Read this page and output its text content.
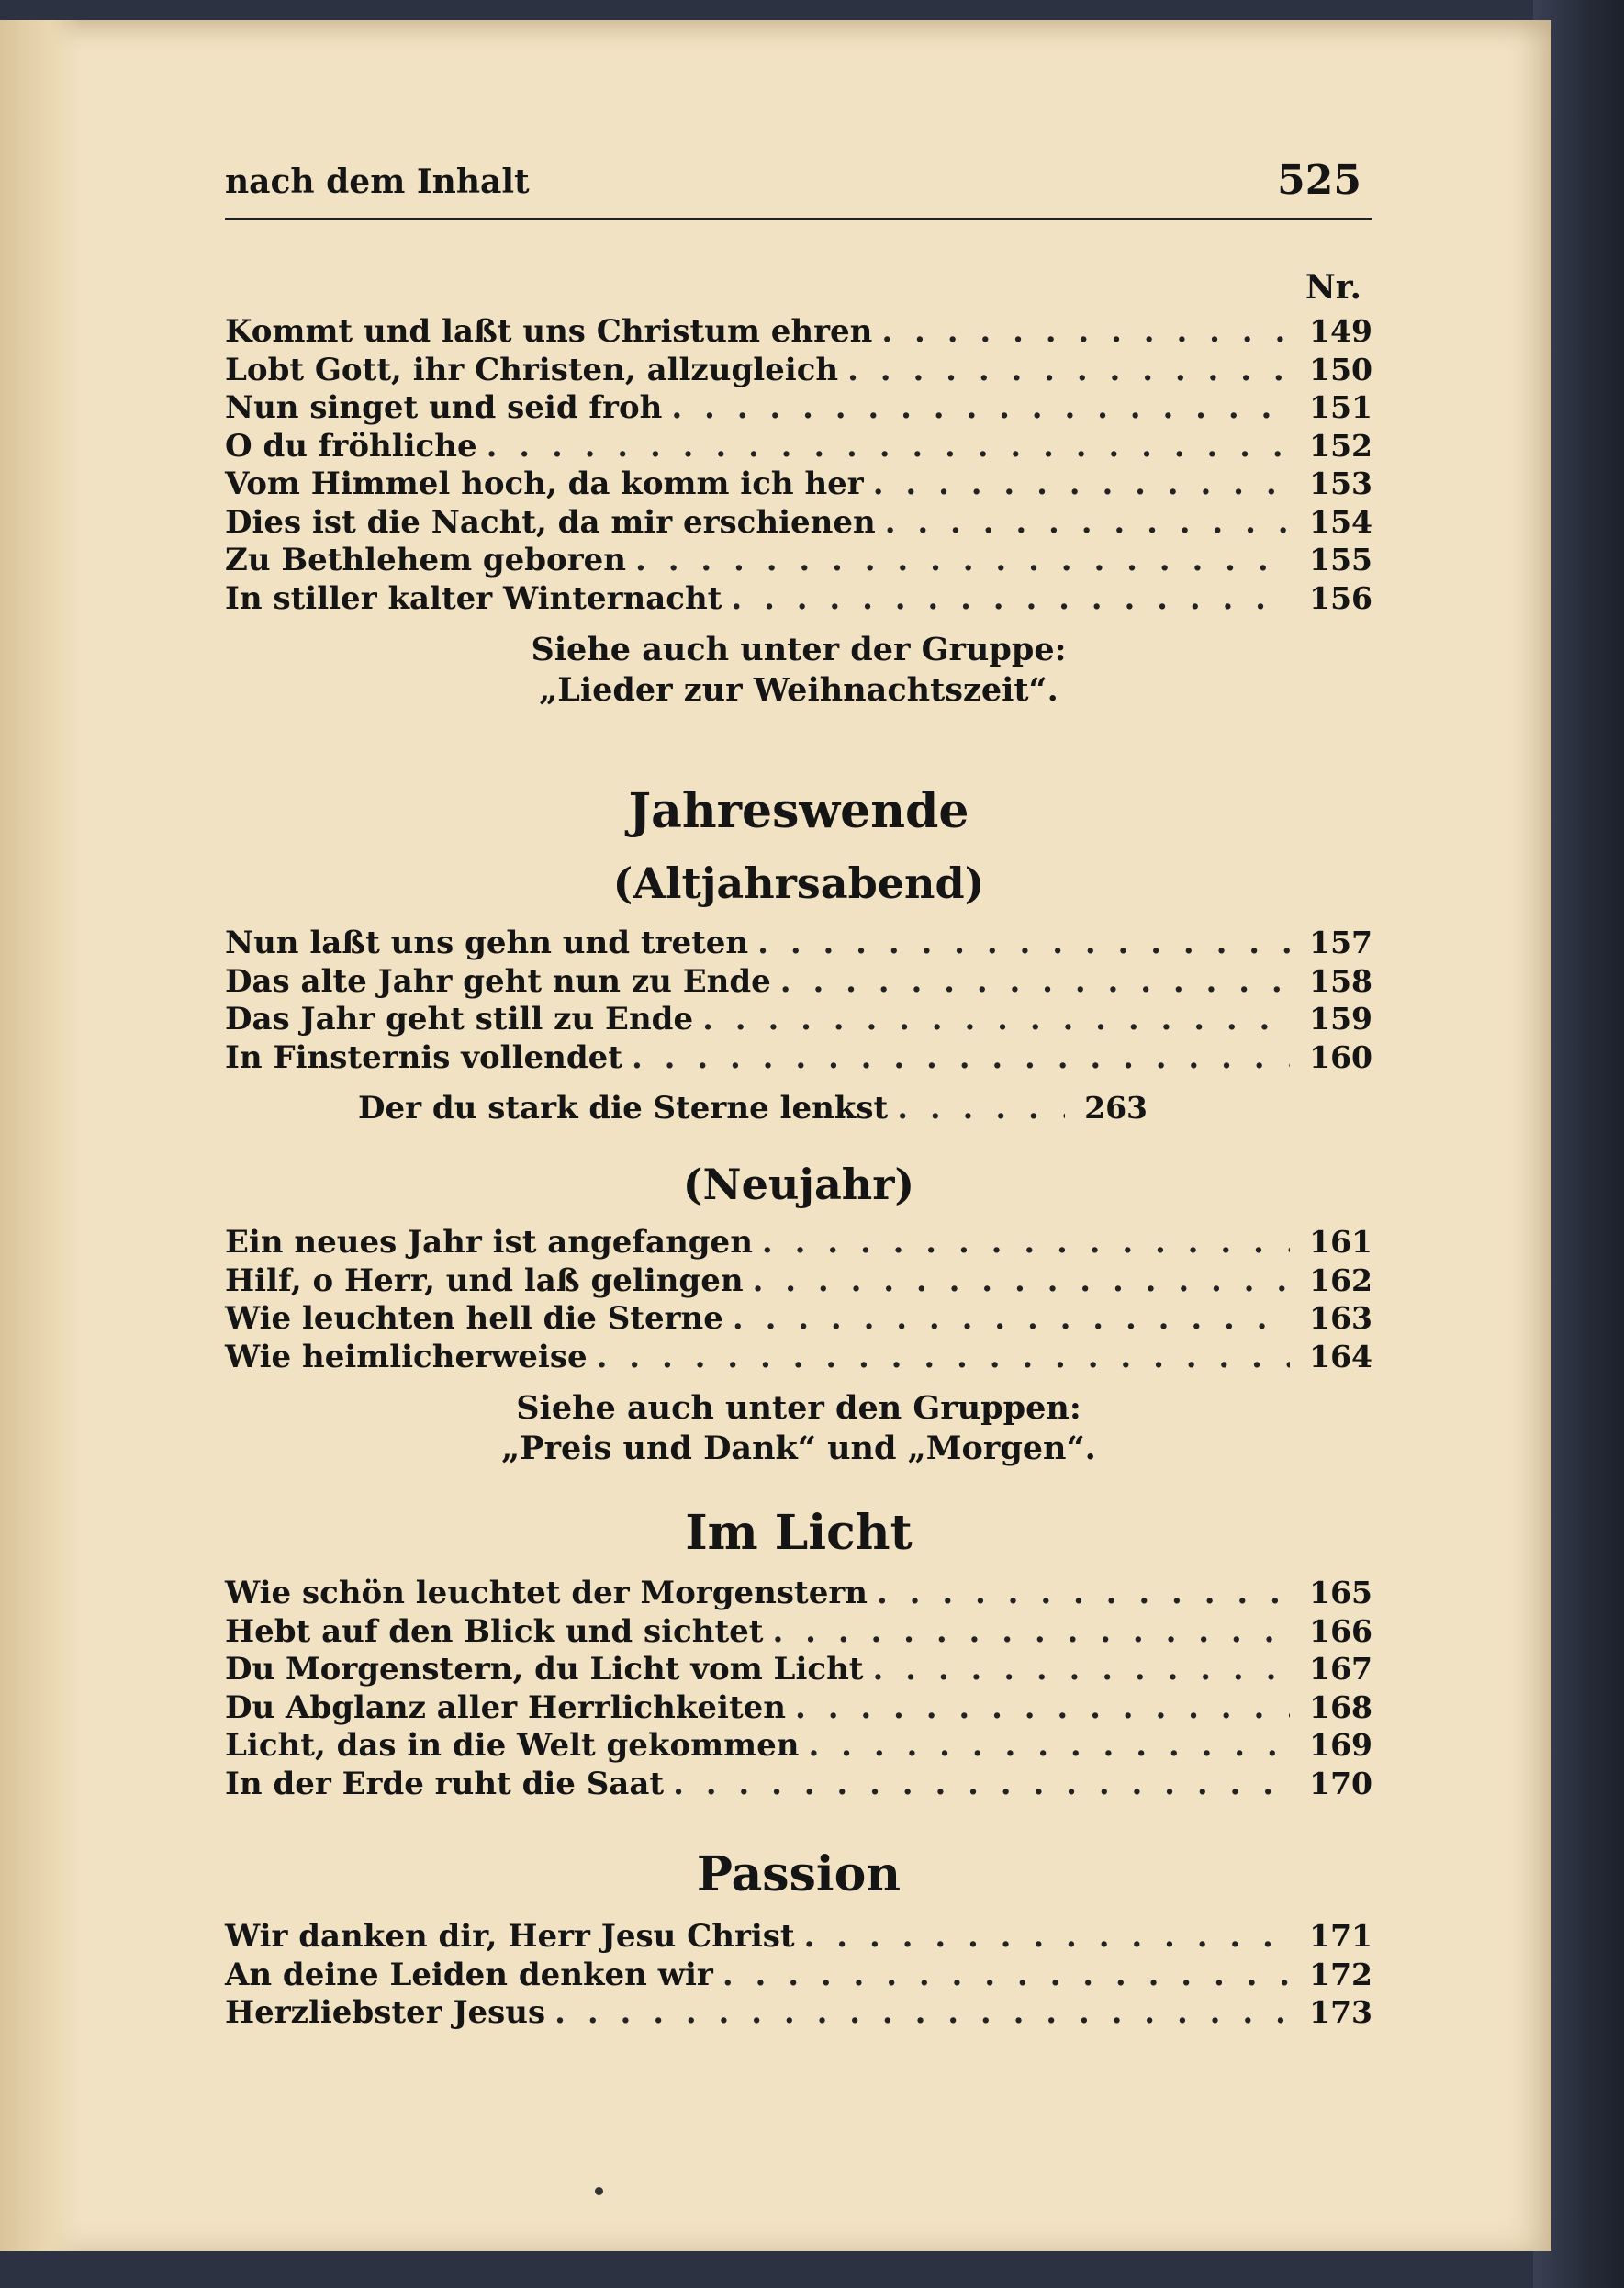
nach dem Inhalt	525
Nr.
Kommt und laßt uns Christum ehren . . .	149
Lobt Gott, ihr Christen, allzugleich . . .	150
Nun singet und seid froh . . .	151
O du fröhliche . . .	152
Vom Himmel hoch, da komm ich her . . .	153
Dies ist die Nacht, da mir erschienen . . .	154
Zu Bethlehem geboren . . .	155
In stiller kalter Winternacht . . .	156
Siehe auch unter der Gruppe:
„Lieder zur Weihnachtszeit“.
Jahreswende
(Altjahrsabend)
Nun laßt uns gehn und treten . . .	157
Das alte Jahr geht nun zu Ende . . .	158
Das Jahr geht still zu Ende . . .	159
In Finsternis vollendet . . .	160
Der du stark die Sterne lenkst . . .	263
(Neujahr)
Ein neues Jahr ist angefangen . . .	161
Hilf, o Herr, und laß gelingen . . .	162
Wie leuchten hell die Sterne . . .	163
Wie heimlicherweise . . .	164
Siehe auch unter den Gruppen:
„Preis und Dank“ und „Morgen“.
Im Licht
Wie schön leuchtet der Morgenstern . . .	165
Hebt auf den Blick und sichtet . . .	166
Du Morgenstern, du Licht vom Licht . . .	167
Du Abglanz aller Herrlichkeiten . . .	168
Licht, das in die Welt gekommen . . .	169
In der Erde ruht die Saat . . .	170
Passion
Wir danken dir, Herr Jesu Christ . . .	171
An deine Leiden denken wir . . .	172
Herzliebster Jesus . . .	173
